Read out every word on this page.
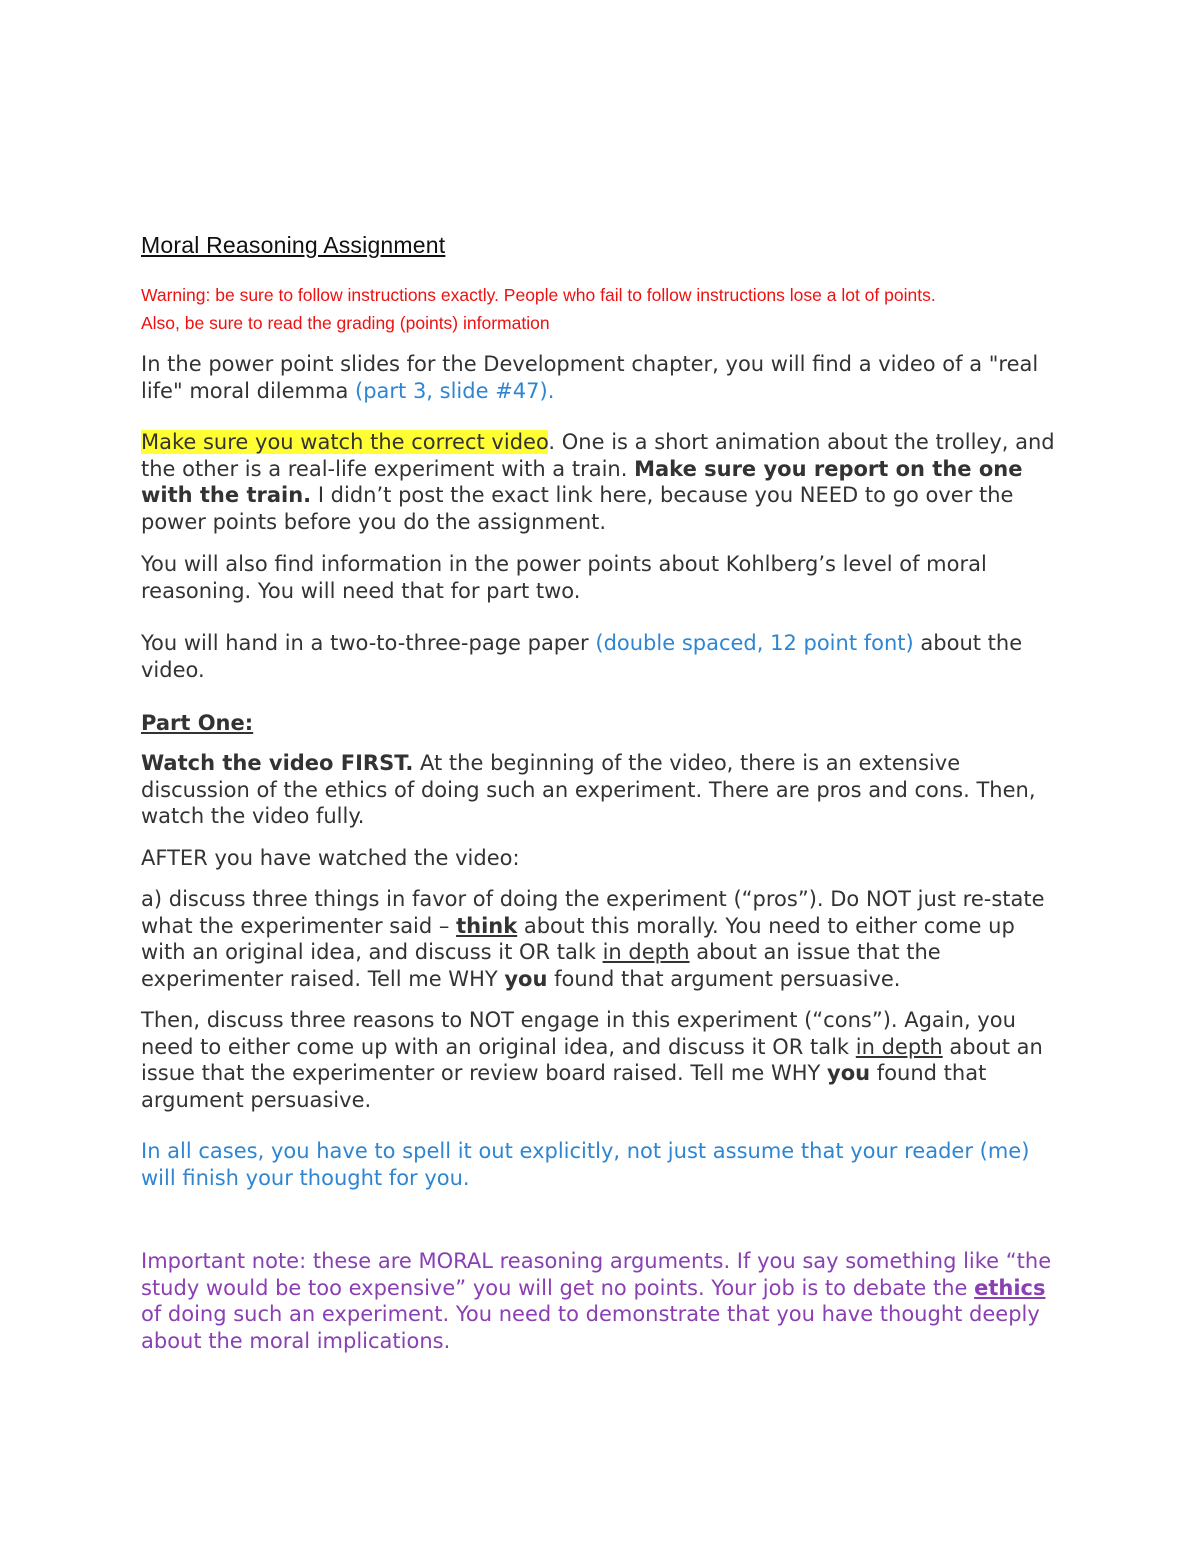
Moral Reasoning Assignment
Warning: be sure to follow instructions exactly. People who fail to follow instructions lose a lot of points.
Also, be sure to read the grading (points) information

In the power point slides for the Development chapter, you will find a video of a "real life" moral dilemma (part 3, slide #47).

Make sure you watch the correct video. One is a short animation about the trolley, and the other is a real-life experiment with a train. Make sure you report on the one with the train. I didn’t post the exact link here, because you NEED to go over the power points before you do the assignment.

You will also find information in the power points about Kohlberg’s level of moral reasoning. You will need that for part two.

You will hand in a two-to-three-page paper (double spaced, 12 point font) about the video.

Part One:

Watch the video FIRST. At the beginning of the video, there is an extensive discussion of the ethics of doing such an experiment. There are pros and cons. Then, watch the video fully.

AFTER you have watched the video:

a) discuss three things in favor of doing the experiment (“pros”). Do NOT just re-state what the experimenter said – think about this morally. You need to either come up with an original idea, and discuss it OR talk in depth about an issue that the experimenter raised. Tell me WHY you found that argument persuasive.

Then, discuss three reasons to NOT engage in this experiment (“cons”). Again, you need to either come up with an original idea, and discuss it OR talk in depth about an issue that the experimenter or review board raised. Tell me WHY you found that argument persuasive.

In all cases, you have to spell it out explicitly, not just assume that your reader (me) will finish your thought for you.

Important note: these are MORAL reasoning arguments. If you say something like “the study would be too expensive” you will get no points. Your job is to debate the ethics of doing such an experiment. You need to demonstrate that you have thought deeply about the moral implications.
